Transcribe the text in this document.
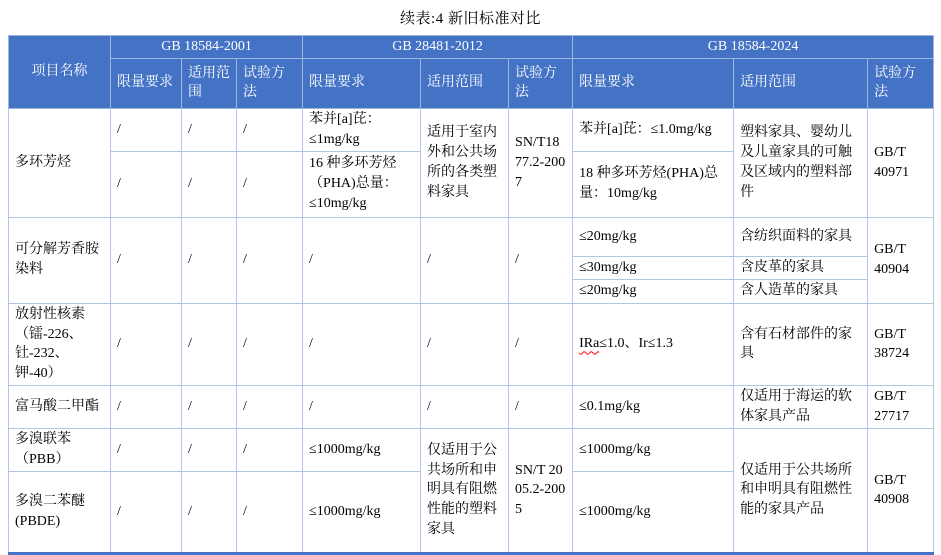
续表:4 新旧标准对比
项目名称	GB 18584-2001			GB 28481-2012			GB 18584-2024		
	限量要求	适用范围	试验方法	限量要求	适用范围	试验方法	限量要求	适用范围	试验方法
多环芳烃	/	/	/	苯并[a]芘：≤1mg/kg	适用于室内外和公共场所的各类塑料家具	SN/T1877.2-2007	苯并[a]芘：≤1.0mg/kg	塑料家具、婴幼儿及儿童家具的可触及区域内的塑料部件	GB/T 40971
	/	/	/	16 种多环芳烃（PHA)总量：≤10mg/kg			18 种多环芳烃(PHA)总量：10mg/kg		
可分解芳香胺染料	/	/	/	/	/	/	≤20mg/kg	含纺织面料的家具	GB/T 40904
							≤30mg/kg	含皮革的家具	
							≤20mg/kg	含人造革的家具	
放射性核素（镭-226、钍-232、钾-40）	/	/	/	/	/	/	IRa≤1.0、Ir≤1.3	含有石材部件的家具	GB/T 38724
富马酸二甲酯	/	/	/	/	/	/	≤0.1mg/kg	仅适用于海运的软体家具产品	GB/T 27717
多溴联苯（PBB）	/	/	/	≤1000mg/kg	仅适用于公共场所和申明具有阻燃性能的塑料家具	SN/T 2005.2-2005	≤1000mg/kg	仅适用于公共场所和申明具有阻燃性能的家具产品	GB/T 40908
多溴二苯醚(PBDE)	/	/	/	≤1000mg/kg			≤1000mg/kg		
